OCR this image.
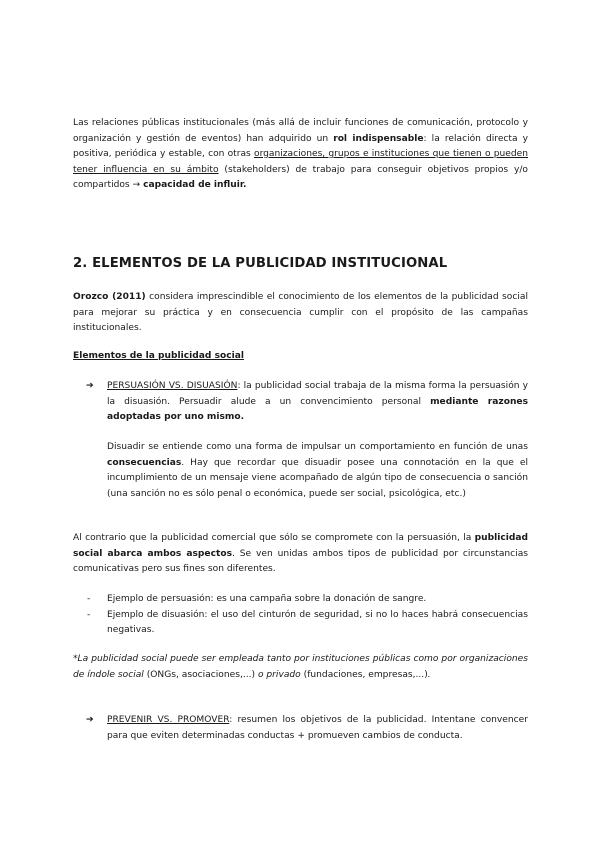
Las relaciones públicas institucionales (más allá de incluir funciones de comunicación, protocolo y organización y gestión de eventos) han adquirido un rol indispensable: la relación directa y positiva, periódica y estable, con otras organizaciones, grupos e instituciones que tienen o pueden tener influencia en su ámbito (stakeholders) de trabajo para conseguir objetivos propios y/o compartidos → capacidad de influir.

2. ELEMENTOS DE LA PUBLICIDAD INSTITUCIONAL

Orozco (2011) considera imprescindible el conocimiento de los elementos de la publicidad social para mejorar su práctica y en consecuencia cumplir con el propósito de las campañas institucionales.

Elementos de la publicidad social
➔ PERSUASIÓN VS. DISUASIÓN: la publicidad social trabaja de la misma forma la persuasión y la disuasión. Persuadir alude a un convencimiento personal mediante razones adoptadas por uno mismo.

Disuadir se entiende como una forma de impulsar un comportamiento en función de unas consecuencias. Hay que recordar que disuadir posee una connotación en la que el incumplimiento de un mensaje viene acompañado de algún tipo de consecuencia o sanción (una sanción no es sólo penal o económica, puede ser social, psicológica, etc.)

Al contrario que la publicidad comercial que sólo se compromete con la persuasión, la publicidad social abarca ambos aspectos. Se ven unidas ambos tipos de publicidad por circunstancias comunicativas pero sus fines son diferentes.

- Ejemplo de persuasión: es una campaña sobre la donación de sangre.

- Ejemplo de disuasión: el uso del cinturón de seguridad, si no lo haces habrá consecuencias negativas.

*La publicidad social puede ser empleada tanto por instituciones públicas como por organizaciones de índole social (ONGs, asociaciones,...) o privado (fundaciones, empresas,...).

➔ PREVENIR VS. PROMOVER: resumen los objetivos de la publicidad. Intentane convencer para que eviten determinadas conductas + promueven cambios de conducta.
